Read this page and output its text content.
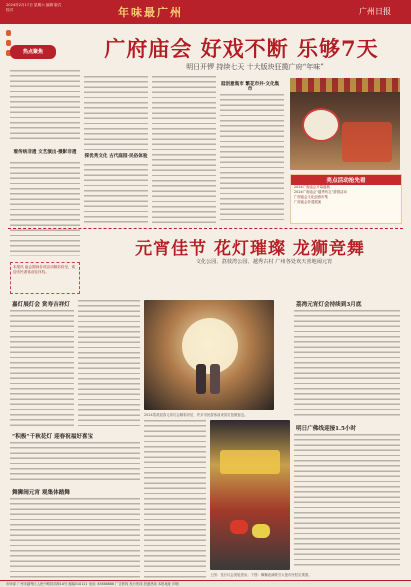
2024年2月17日 星期六 编辑 版式 校对	年味最广州	广州日报
热点聚焦	广府庙会 好戏不断 乐够7天
明日开锣 持续七天 十大版块狂揽广府“年味”
看传统非遗 文艺演出·摄影非遗
本报讯 庙会期间各项活动精彩纷呈，欢迎市民游客前往体验。
探优秀文化 古代庭园·民俗体验
逛创意集市 繁花市井·文化集市
亮点活动抢先看
2024广府庙会开幕盛典
2024广府庙会“越秀有礼”游园活动
广府庙会文化创意市集
广府庙会非遗展演
元宵佳节 花灯璀璨 龙狮竞舞
文化公园、荔枝湾公园、越秀古村 广州各处欢天喜地闹元宵
嘉灯展灯会 赏寿吉祥灯
“积极”千秋花灯 迎春祝福好喜宝
舞狮闹元宵 观集体踏舞
2024荔湾迎春元宵灯会精彩纷呈，许多市民游客前来赏灯拍照留念。
上图：龙行灯会美轮美奂；下图：舞狮表演吸引大批市民驻足观看。
荔湾元宵灯会持续到3月底
明日广佛线迎接1.5小时
市场部 广州市越秀区人民中路同乐路10号 邮编510121 电话: 83888888 广告热线 发行热线 投递热线 本报地址 印刷
